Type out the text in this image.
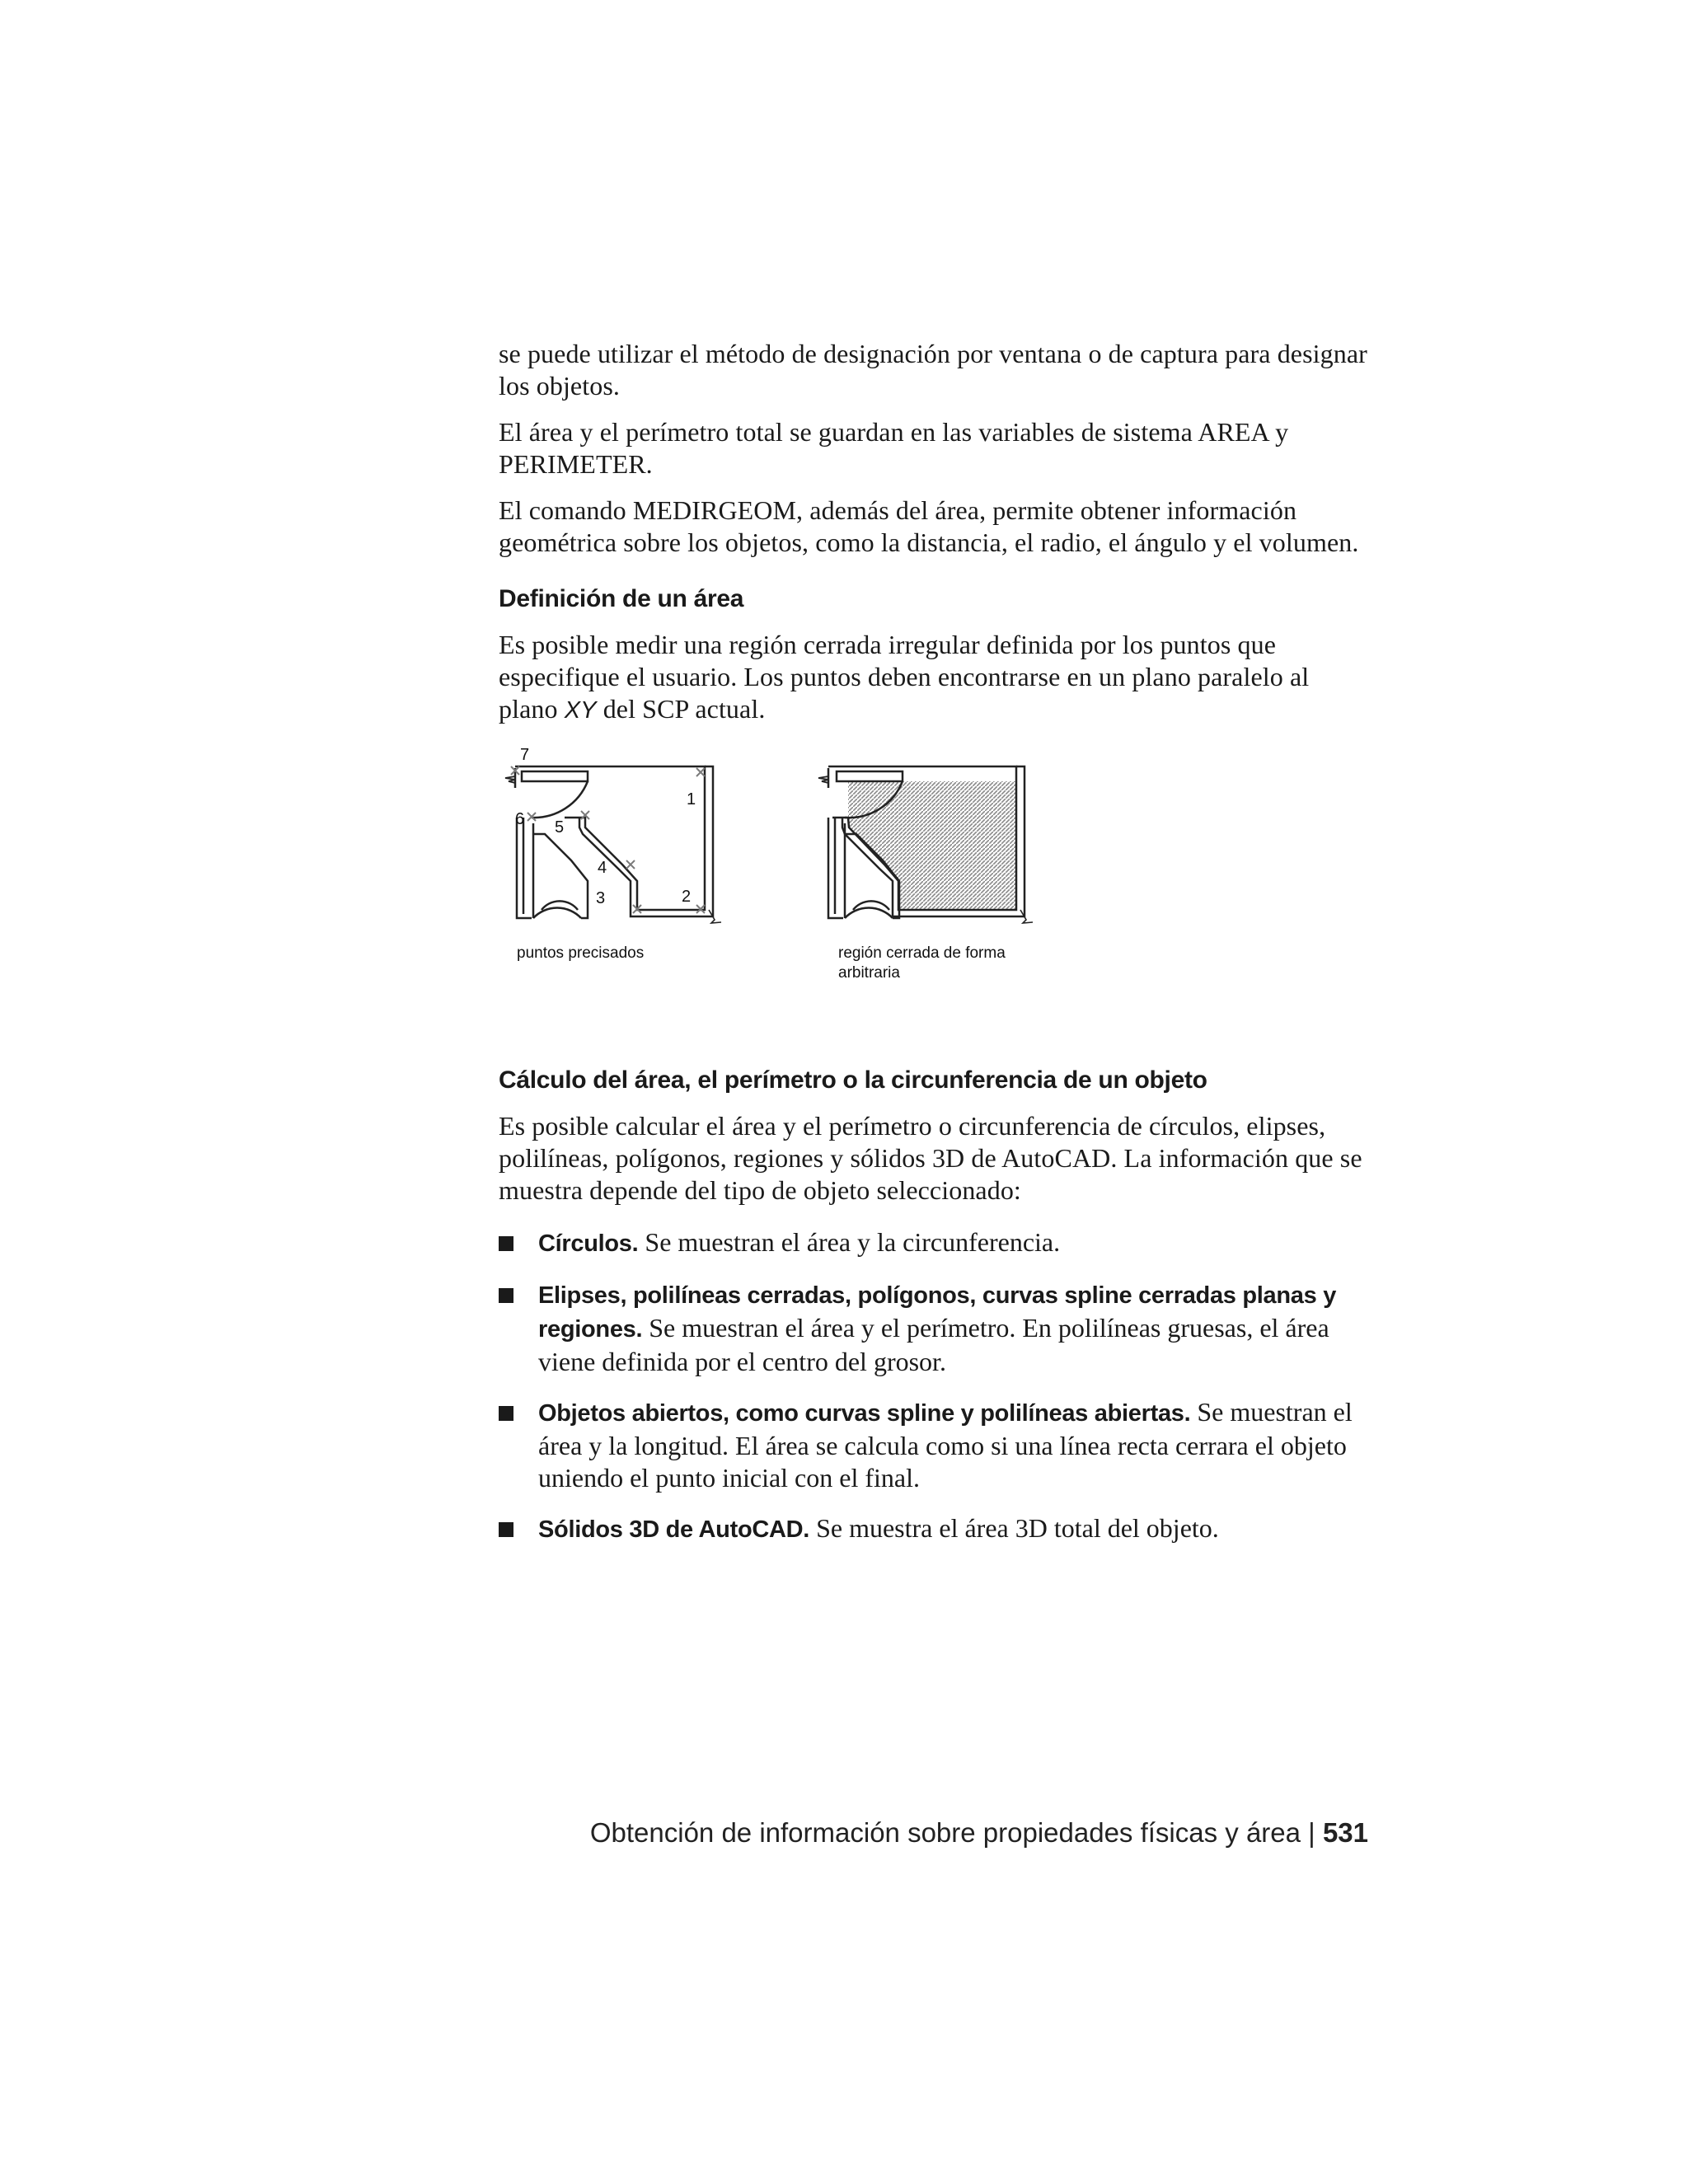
se puede utilizar el método de designación por ventana o de captura para designar los objetos.

El área y el perímetro total se guardan en las variables de sistema AREA y PERIMETER.

El comando MEDIRGEOM, además del área, permite obtener información geométrica sobre los objetos, como la distancia, el radio, el ángulo y el volumen.

Definición de un área

Es posible medir una región cerrada irregular definida por los puntos que especifique el usuario. Los puntos deben encontrarse en un plano paralelo al plano XY del SCP actual.

1
2
3
4
5
6
7
puntos precisados	región cerrada de forma
arbitraria
Cálculo del área, el perímetro o la circunferencia de un objeto

Es posible calcular el área y el perímetro o circunferencia de círculos, elipses, polilíneas, polígonos, regiones y sólidos 3D de AutoCAD. La información que se muestra depende del tipo de objeto seleccionado:

Círculos. Se muestran el área y la circunferencia.
Elipses, polilíneas cerradas, polígonos, curvas spline cerradas planas y regiones. Se muestran el área y el perímetro. En polilíneas gruesas, el área viene definida por el centro del grosor.
Objetos abiertos, como curvas spline y polilíneas abiertas. Se muestran el área y la longitud. El área se calcula como si una línea recta cerrara el objeto uniendo el punto inicial con el final.
Sólidos 3D de AutoCAD. Se muestra el área 3D total del objeto.
Obtención de información sobre propiedades físicas y área | 531
